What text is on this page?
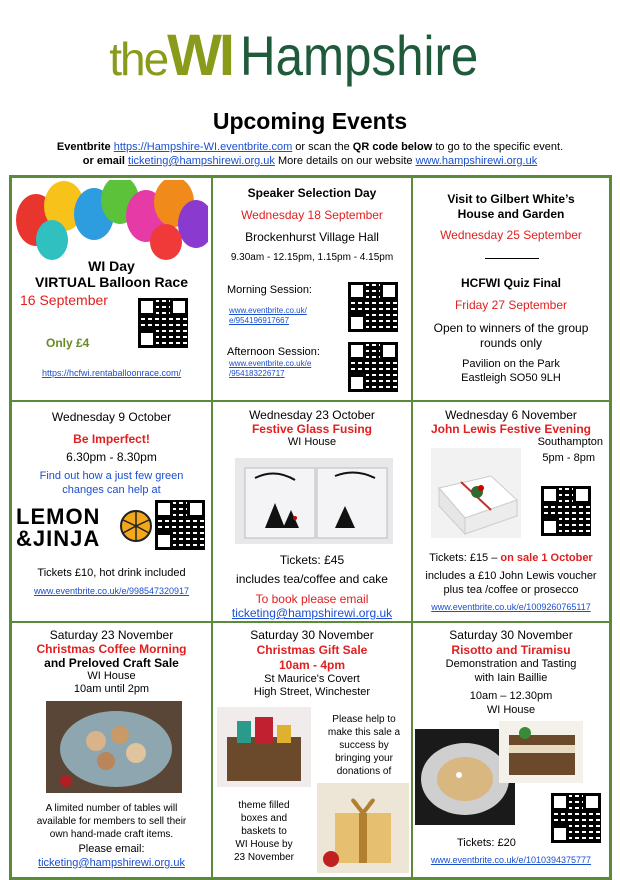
theWI Hampshire
Upcoming Events
Eventbrite https://Hampshire-WI.eventbrite.com or scan the QR code below to go to the specific event.
or email ticketing@hampshirewi.org.uk More details on our website www.hampshirewi.org.uk
WI Day
VIRTUAL Balloon Race
16 September
Only £4
https://hcfwi.rentaballoonrace.com/
Speaker Selection Day
Wednesday 18 September
Brockenhurst Village Hall
9.30am - 12.15pm, 1.15pm - 4.15pm
Morning Session:
www.eventbrite.co.uk/
e/954196917667
Afternoon Session:
www.eventbrite.co.uk/e
/954183226717
Visit to Gilbert White’s
House and Garden
Wednesday 25 September
HCFWI Quiz Final
Friday 27 September
Open to winners of the group
rounds only
Pavilion on the Park
Eastleigh SO50 9LH
Wednesday 9 October
Be Imperfect!
6.30pm - 8.30pm
Find out how a just few green
changes can help at
LEMON
&JINJA
Tickets £10, hot drink included
www.eventbrite.co.uk/e/998547320917
Wednesday 23 October
Festive Glass Fusing
WI House
Tickets: £45
includes tea/coffee and cake
To book please email
ticketing@hampshirewi.org.uk
Wednesday 6 November
John Lewis Festive Evening
Southampton
5pm - 8pm
Tickets: £15 – on sale 1 October
includes a £10 John Lewis voucher
plus tea /coffee or prosecco
www.eventbrite.co.uk/e/1009260765117
Saturday 23 November
Christmas Coffee Morning
and Preloved Craft Sale
WI House
10am until 2pm
A limited number of tables will
available for members to sell their
own hand-made craft items.
Please email:
ticketing@hampshirewi.org.uk
Saturday 30 November
Christmas Gift Sale
10am - 4pm
St Maurice's Covert
High Street, Winchester
Please help to
make this sale a
success by
bringing your
donations of
theme filled
boxes and
baskets to
WI House by
23 November
Saturday 30 November
Risotto and Tiramisu
Demonstration and Tasting
with Iain Baillie
10am – 12.30pm
WI House
Tickets: £20
www.eventbrite.co.uk/e/1010394375777
